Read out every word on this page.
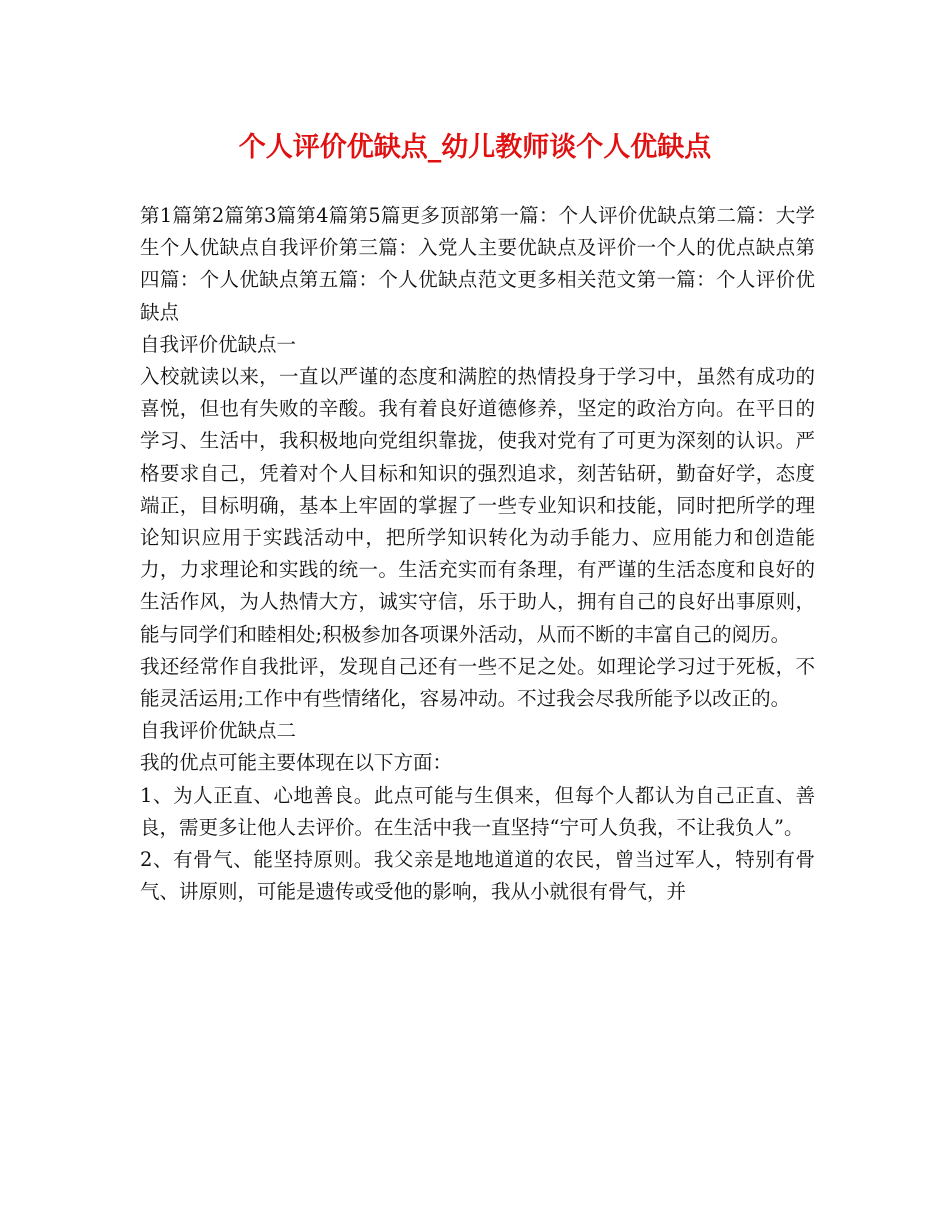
个人评价优缺点_幼儿教师谈个人优缺点

第1篇第2篇第3篇第4篇第5篇更多顶部第一篇：个人评价优缺点第二篇：大学生个人优缺点自我评价第三篇：入党人主要优缺点及评价一个人的优点缺点第四篇：个人优缺点第五篇：个人优缺点范文更多相关范文第一篇：个人评价优缺点

自我评价优缺点一

入校就读以来，一直以严谨的态度和满腔的热情投身于学习中，虽然有成功的喜悦，但也有失败的辛酸。我有着良好道德修养，坚定的政治方向。在平日的学习、生活中，我积极地向党组织靠拢，使我对党有了可更为深刻的认识。严格要求自己，凭着对个人目标和知识的强烈追求，刻苦钻研，勤奋好学，态度端正，目标明确，基本上牢固的掌握了一些专业知识和技能，同时把所学的理论知识应用于实践活动中，把所学知识转化为动手能力、应用能力和创造能力，力求理论和实践的统一。生活充实而有条理，有严谨的生活态度和良好的生活作风，为人热情大方，诚实守信，乐于助人，拥有自己的良好出事原则，能与同学们和睦相处;积极参加各项课外活动，从而不断的丰富自己的阅历。

我还经常作自我批评，发现自己还有一些不足之处。如理论学习过于死板，不能灵活运用;工作中有些情绪化，容易冲动。不过我会尽我所能予以改正的。

自我评价优缺点二

我的优点可能主要体现在以下方面：

1、为人正直、心地善良。此点可能与生俱来，但每个人都认为自己正直、善良，需更多让他人去评价。在生活中我一直坚持“宁可人负我，不让我负人”。

2、有骨气、能坚持原则。我父亲是地地道道的农民，曾当过军人，特别有骨气、讲原则，可能是遗传或受他的影响，我从小就很有骨气，并
